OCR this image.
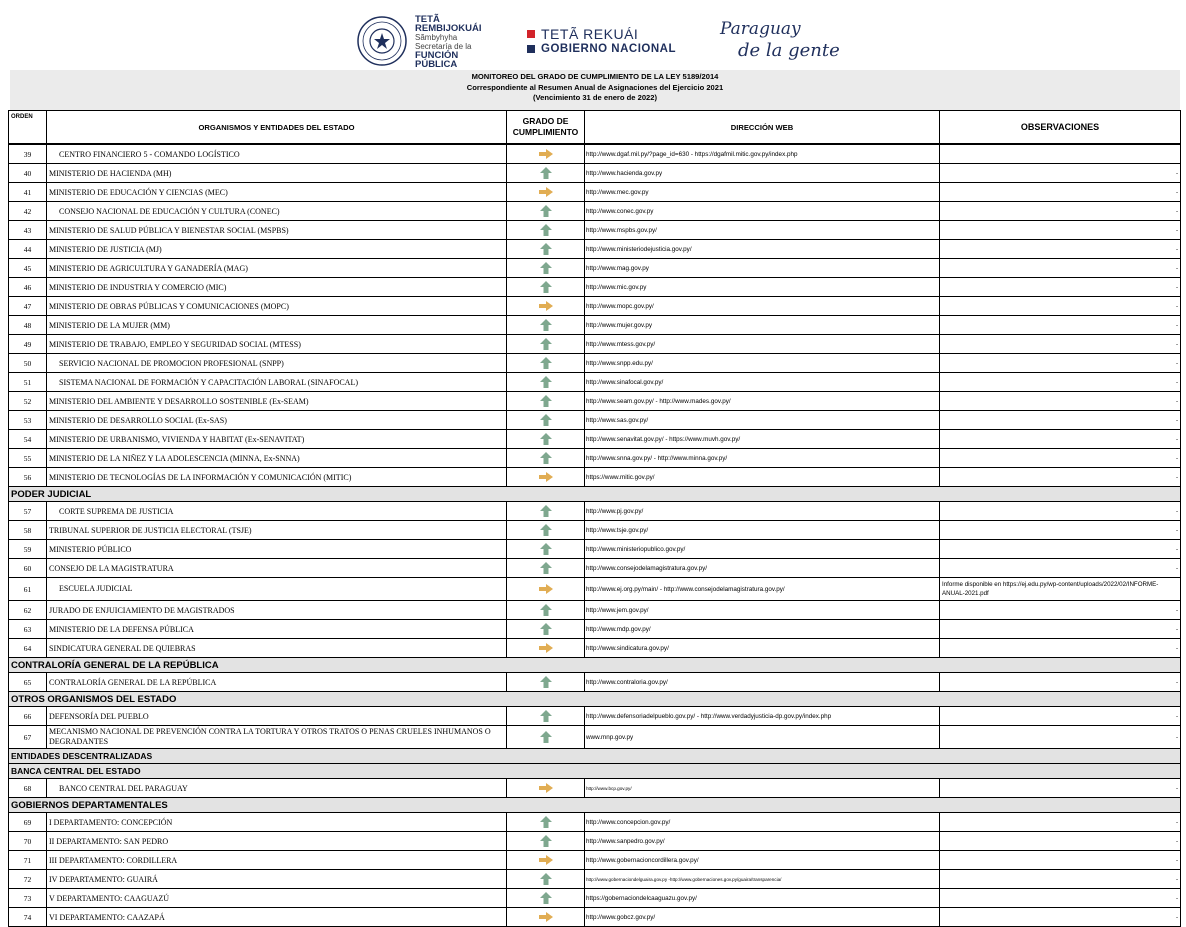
TETÃ
REMBIJOKUÁI
Sãmbyhyha
Secretaría de la
FUNCIÓN
PÚBLICA
TETÃ REKUÁI
GOBIERNO NACIONAL
Paraguay
de la gente
MONITOREO DEL GRADO DE CUMPLIMIENTO DE LA LEY 5189/2014
Correspondiente al Resumen Anual de Asignaciones del Ejercicio 2021
(Vencimiento 31 de enero de 2022)
ORDEN	ORGANISMOS Y ENTIDADES DEL ESTADO	GRADO DE CUMPLIMIENTO	DIRECCIÓN WEB	OBSERVACIONES
39	CENTRO FINANCIERO 5 - COMANDO LOGÍSTICO		http://www.dgaf.mil.py/?page_id=630 - https://dgafmil.mitic.gov.py/index.php	
40	MINISTERIO DE HACIENDA (MH)		http://www.hacienda.gov.py	-
41	MINISTERIO DE EDUCACIÓN Y CIENCIAS (MEC)		http://www.mec.gov.py	-
42	CONSEJO NACIONAL DE EDUCACIÓN Y CULTURA (CONEC)		http://www.conec.gov.py	-
43	MINISTERIO DE SALUD PÚBLICA Y BIENESTAR SOCIAL (MSPBS)		http://www.mspbs.gov.py/	-
44	MINISTERIO DE JUSTICIA (MJ)		http://www.ministeriodejusticia.gov.py/	-
45	MINISTERIO DE AGRICULTURA Y GANADERÍA (MAG)		http://www.mag.gov.py	-
46	MINISTERIO DE INDUSTRIA Y COMERCIO (MIC)		http://www.mic.gov.py	-
47	MINISTERIO DE OBRAS PÚBLICAS Y COMUNICACIONES (MOPC)		http://www.mopc.gov.py/	-
48	MINISTERIO DE LA MUJER (MM)		http://www.mujer.gov.py	-
49	MINISTERIO DE TRABAJO, EMPLEO Y SEGURIDAD SOCIAL (MTESS)		http://www.mtess.gov.py/	-
50	SERVICIO NACIONAL DE PROMOCION PROFESIONAL (SNPP)		http://www.snpp.edu.py/	-
51	SISTEMA NACIONAL DE FORMACIÓN Y CAPACITACIÓN LABORAL (SINAFOCAL)		http://www.sinafocal.gov.py/	-
52	MINISTERIO DEL AMBIENTE Y DESARROLLO SOSTENIBLE (Ex-SEAM)		http://www.seam.gov.py/ - http://www.mades.gov.py/	-
53	MINISTERIO DE DESARROLLO SOCIAL (Ex-SAS)		http://www.sas.gov.py/	-
54	MINISTERIO DE URBANISMO, VIVIENDA Y HABITAT (Ex-SENAVITAT)		http://www.senavitat.gov.py/ - https://www.muvh.gov.py/	-
55	MINISTERIO DE LA NIÑEZ Y LA ADOLESCENCIA (MINNA, Ex-SNNA)		http://www.snna.gov.py/ - http://www.minna.gov.py/	-
56	MINISTERIO DE TECNOLOGÍAS DE LA INFORMACIÓN Y COMUNICACIÓN (MITIC)		https://www.mitic.gov.py/	-
PODER JUDICIAL				
57	CORTE SUPREMA DE JUSTICIA		http://www.pj.gov.py/	-
58	TRIBUNAL SUPERIOR DE JUSTICIA ELECTORAL (TSJE)		http://www.tsje.gov.py/	-
59	MINISTERIO PÚBLICO		http://www.ministeriopublico.gov.py/	-
60	CONSEJO DE LA MAGISTRATURA		http://www.consejodelamagistratura.gov.py/	-
61	ESCUELA JUDICIAL		http://www.ej.org.py/main/ - http://www.consejodelamagistratura.gov.py/	Informe disponible en https://ej.edu.py/wp-content/uploads/2022/02/INFORME-ANUAL-2021.pdf
62	JURADO DE ENJUICIAMIENTO DE MAGISTRADOS		http://www.jem.gov.py/	-
63	MINISTERIO DE LA DEFENSA PÚBLICA		http://www.mdp.gov.py/	-
64	SINDICATURA GENERAL DE QUIEBRAS		http://www.sindicatura.gov.py/	-
CONTRALORÍA GENERAL DE LA REPÚBLICA				
65	CONTRALORÍA GENERAL DE LA REPÚBLICA		http://www.contraloria.gov.py/	-
OTROS ORGANISMOS DEL ESTADO				
66	DEFENSORÍA DEL PUEBLO		http://www.defensoriadelpueblo.gov.py/ - http://www.verdadyjusticia-dp.gov.py/index.php	-
67	MECANISMO NACIONAL DE PREVENCIÓN CONTRA LA TORTURA Y OTROS TRATOS O PENAS CRUELES INHUMANOS O DEGRADANTES		www.mnp.gov.py	-
ENTIDADES DESCENTRALIZADAS				
BANCA CENTRAL DEL ESTADO				
68	BANCO CENTRAL DEL PARAGUAY		http://www.bcp.gov.py/	-
GOBIERNOS DEPARTAMENTALES				
69	I DEPARTAMENTO: CONCEPCIÓN		http://www.concepcion.gov.py/	-
70	II DEPARTAMENTO: SAN PEDRO		http://www.sanpedro.gov.py/	-
71	III DEPARTAMENTO: CORDILLERA		http://www.gobernacioncordillera.gov.py/	-
72	IV DEPARTAMENTO: GUAIRÁ		http://www.gobernaciondelguaira.gov.py -http://www.gobernaciones.gov.py/guaira/transparencia/	-
73	V DEPARTAMENTO: CAAGUAZÚ		https://gobernaciondelcaaguazu.gov.py/	-
74	VI DEPARTAMENTO: CAAZAPÁ		http://www.gobcz.gov.py/	-
